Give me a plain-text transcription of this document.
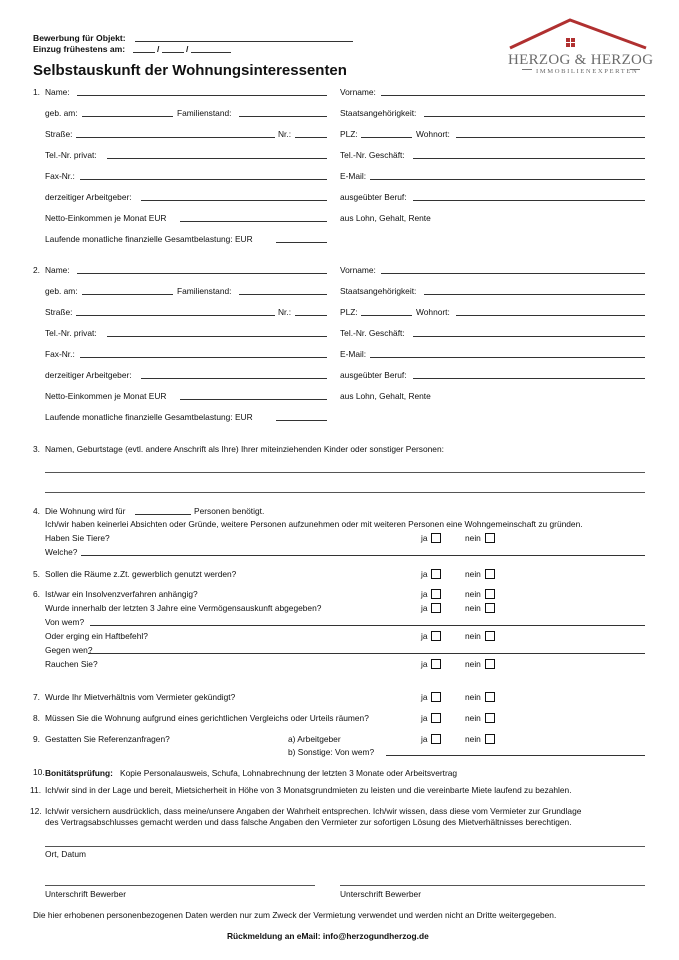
Bewerbung für Objekt:
Einzug frühestens am:	/	/
Selbstauskunft der Wohnungsinteressenten
HERZOG & HERZOG
IMMOBILIENEXPERTEN
1. Name:	Vorname:
geb. am:	Familienstand:	Staatsangehörigkeit:
Straße:	Nr.:	PLZ:	Wohnort:
Tel.-Nr. privat:	Tel.-Nr. Geschäft:
Fax-Nr.:	E-Mail:
derzeitiger Arbeitgeber:	ausgeübter Beruf:
Netto-Einkommen je Monat EUR	aus Lohn, Gehalt, Rente
Laufende monatliche finanzielle Gesamtbelastung: EUR
2. Name:	Vorname:
geb. am:	Familienstand:	Staatsangehörigkeit:
Straße:	Nr.:	PLZ:	Wohnort:
Tel.-Nr. privat:	Tel.-Nr. Geschäft:
Fax-Nr.:	E-Mail:
derzeitiger Arbeitgeber:	ausgeübter Beruf:
Netto-Einkommen je Monat EUR	aus Lohn, Gehalt, Rente
Laufende monatliche finanzielle Gesamtbelastung: EUR
3. Namen, Geburtstage (evtl. andere Anschrift als Ihre) Ihrer miteinziehenden Kinder oder sonstiger Personen:
4. Die Wohnung wird für	Personen benötigt.
Ich/wir haben keinerlei Absichten oder Gründe, weitere Personen aufzunehmen oder mit weiteren Personen eine Wohngemeinschaft zu gründen.
Haben Sie Tiere?	ja	nein
Welche?
5. Sollen die Räume z.Zt. gewerblich genutzt werden?	ja	nein
6. Ist/war ein Insolvenzverfahren anhängig?	ja	nein
Wurde innerhalb der letzten 3 Jahre eine Vermögensauskunft abgegeben?	ja	nein
Von wem?
Oder erging ein Haftbefehl?	ja	nein
Gegen wen?
Rauchen Sie?	ja	nein
7. Wurde Ihr Mietverhältnis vom Vermieter gekündigt?	ja	nein
8. Müssen Sie die Wohnung aufgrund eines gerichtlichen Vergleichs oder Urteils räumen?	ja	nein
9. Gestatten Sie Referenzanfragen?	a) Arbeitgeber	ja	nein
b) Sonstige: Von wem?
10. Bonitätsprüfung: Kopie Personalausweis, Schufa, Lohnabrechnung der letzten 3 Monate oder Arbeitsvertrag
11. Ich/wir sind in der Lage und bereit, Mietsicherheit in Höhe von 3 Monatsgrundmieten zu leisten und die vereinbarte Miete laufend zu bezahlen.
12. Ich/wir versichern ausdrücklich, dass meine/unsere Angaben der Wahrheit entsprechen. Ich/wir wissen, dass diese vom Vermieter zur Grundlage
des Vertragsabschlusses gemacht werden und dass falsche Angaben den Vermieter zur sofortigen Lösung des Mietverhältnisses berechtigen.
Ort, Datum
Unterschrift Bewerber	Unterschrift Bewerber
Die hier erhobenen personenbezogenen Daten werden nur zum Zweck der Vermietung verwendet und werden nicht an Dritte weitergegeben.
Rückmeldung an eMail: info@herzogundherzog.de
